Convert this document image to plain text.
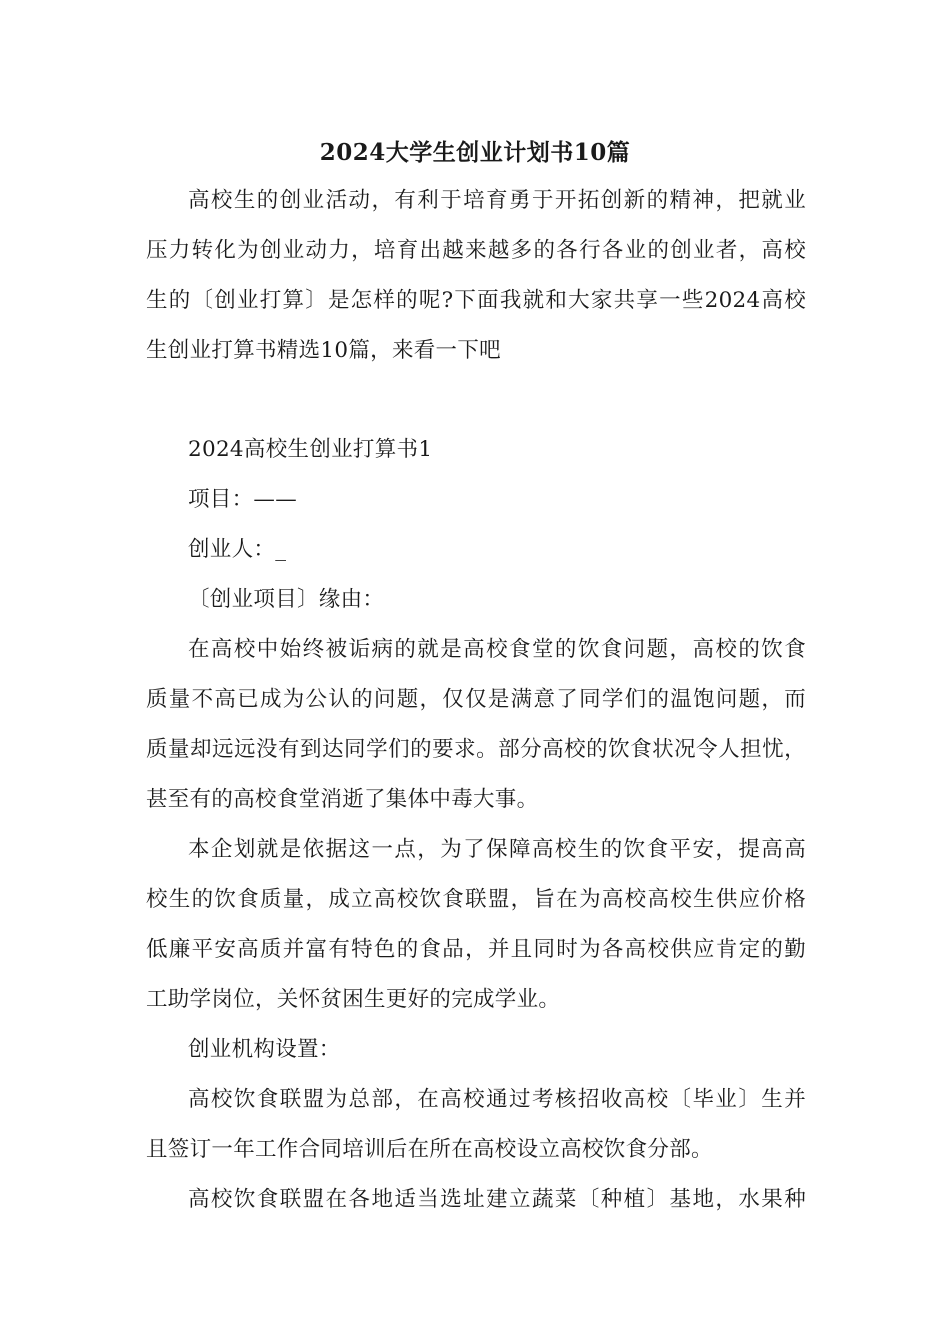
2024大学生创业计划书10篇
高校生的创业活动，有利于培育勇于开拓创新的精神，把就业
压力转化为创业动力，培育出越来越多的各行各业的创业者，高校
生的〔创业打算〕是怎样的呢?下面我就和大家共享一些2024高校
生创业打算书精选10篇，来看一下吧
2024高校生创业打算书1
项目：——
创业人：_
〔创业项目〕缘由：
在高校中始终被诟病的就是高校食堂的饮食问题，高校的饮食
质量不高已成为公认的问题，仅仅是满意了同学们的温饱问题，而
质量却远远没有到达同学们的要求。部分高校的饮食状况令人担忧，
甚至有的高校食堂消逝了集体中毒大事。
本企划就是依据这一点，为了保障高校生的饮食平安，提高高
校生的饮食质量，成立高校饮食联盟，旨在为高校高校生供应价格
低廉平安高质并富有特色的食品，并且同时为各高校供应肯定的勤
工助学岗位，关怀贫困生更好的完成学业。
创业机构设置：
高校饮食联盟为总部，在高校通过考核招收高校〔毕业〕生并
且签订一年工作合同培训后在所在高校设立高校饮食分部。
高校饮食联盟在各地适当选址建立蔬菜〔种植〕基地，水果种
